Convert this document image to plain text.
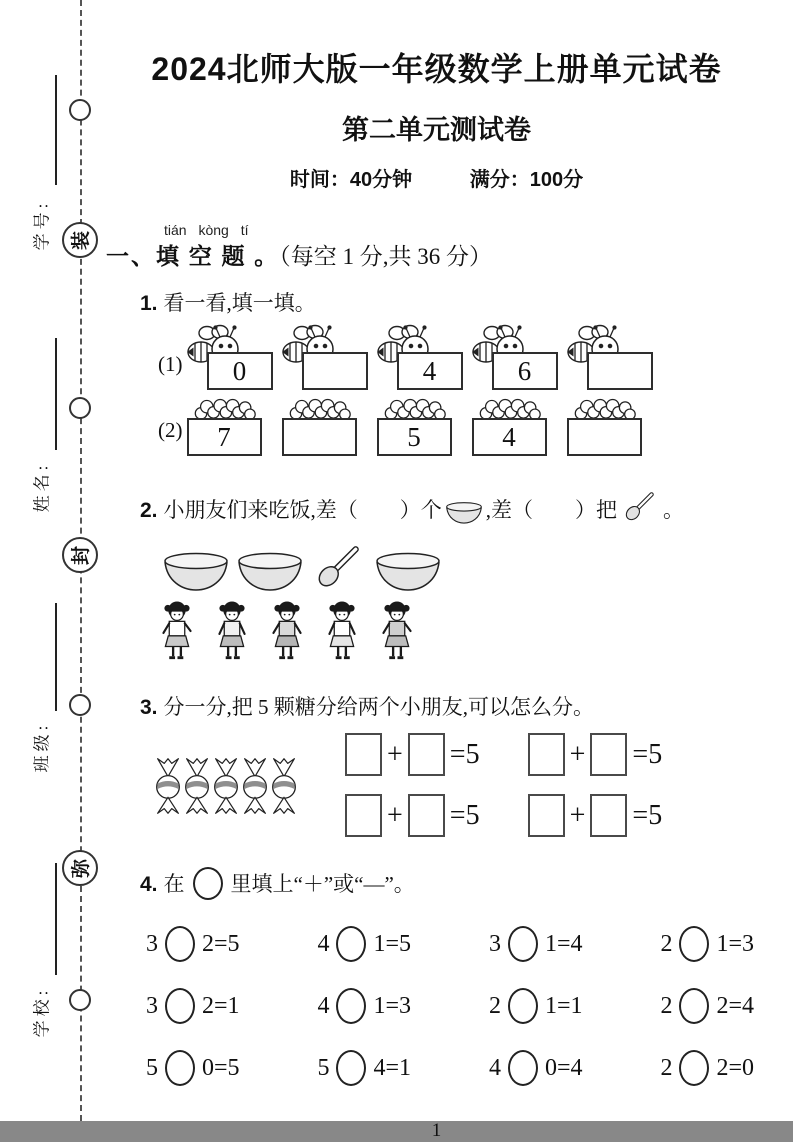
装
封
弥
学号:
姓名:
班级:
学校:
2024北师大版一年级数学上册单元试卷
第二单元测试卷
时间：40分钟	满分：100分
tián kòng tí
一、填 空 题 。（每空 1 分,共 36 分）
1. 看一看,填一填。
(1)	0	4	6
(2)	7	5	4
2. 小朋友们来吃饭,差（　　）个 ,差（　　）把 。
3. 分一分,把 5 颗糖分给两个小朋友,可以怎么分。
+ = 5	+ = 5
+ = 5	+ = 5
4. 在 里填上“＋”或“—”。
3 2 = 5	4 1 = 5	3 1 = 4	2 1 = 3
3 2 = 1	4 1 = 3	2 1 = 1	2 2 = 4
5 0 = 5	5 4 = 1	4 0 = 4	2 2 = 0
1
